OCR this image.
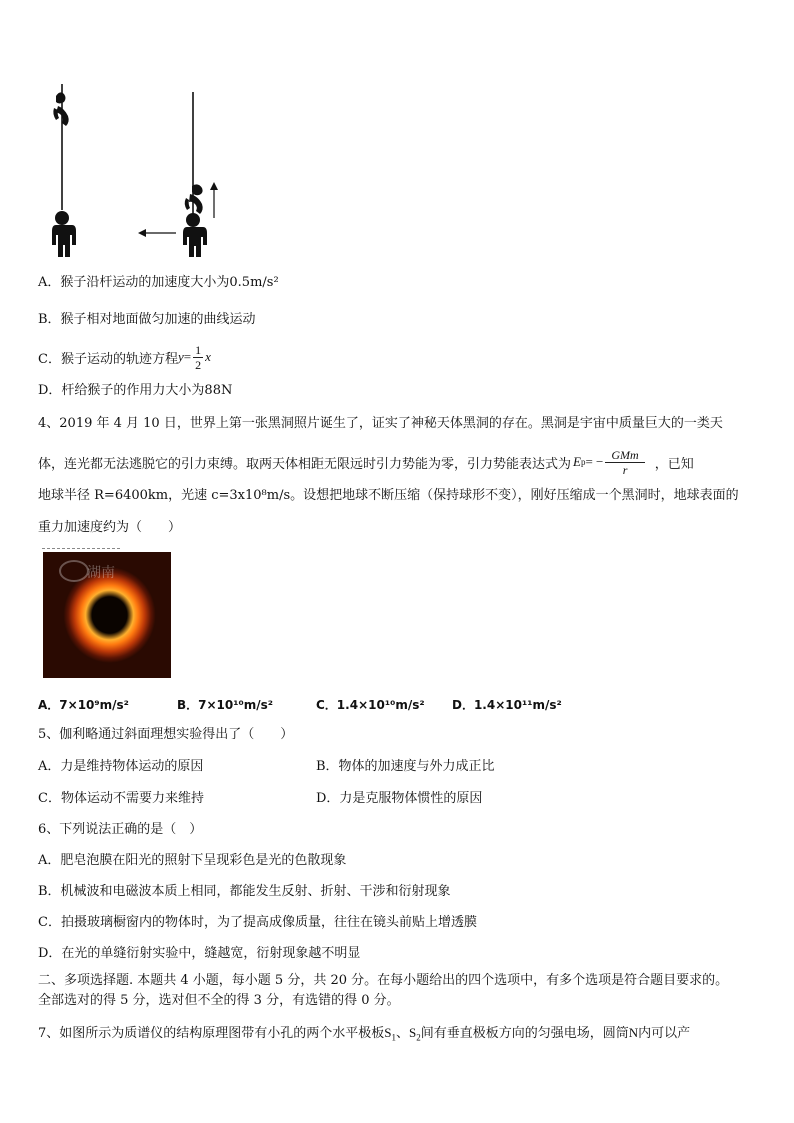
A．猴子沿杆运动的加速度大小为0.5m/s²
B．猴子相对地面做匀加速的曲线运动
C．猴子运动的轨迹方程 $y = \frac{1}{2}$ x
D．杆给猴子的作用力大小为88N
4、2019 年 4 月 10 日，世界上第一张黑洞照片诞生了，证实了神秘天体黑洞的存在。黑洞是宇宙中质量巨大的一类天
体，连光都无法逃脱它的引力束缚。取两天体相距无限远时引力势能为零，引力势能表达式为 E p = − $\frac{\text{GMm}}{r}$ ，已知
地球半径 R=6400km，光速 c=3x10⁸m/s。设想把地球不断压缩（保持球形不变），刚好压缩成一个黑洞时，地球表面的
重力加速度约为（　　）
湖南
A．7×10⁹m/s²	B．7×10¹⁰m/s²	C．1.4×10¹⁰m/s² D．1.4×10¹¹m/s²
5、伽利略通过斜面理想实验得出了（　　）
A．力是维持物体运动的原因	B．物体的加速度与外力成正比
C．物体运动不需要力来维持	D．力是克服物体惯性的原因
6、下列说法正确的是（　）
A．肥皂泡膜在阳光的照射下呈现彩色是光的色散现象
B．机械波和电磁波本质上相同，都能发生反射、折射、干涉和衍射现象
C．拍摄玻璃橱窗内的物体时，为了提高成像质量，往往在镜头前贴上增透膜
D．在光的单缝衍射实验中，缝越宽，衍射现象越不明显
二、多项选择题. 本题共 4 小题，每小题 5 分，共 20 分。在每小题给出的四个选项中，有多个选项是符合题目要求的。
全部选对的得 5 分，选对但不全的得 3 分，有选错的得 0 分。
7、如图所示为质谱仪的结构原理图带有小孔的两个水平极板$S_1$、$S_2$间有垂直极板方向的匀强电场，圆筒N内可以产
